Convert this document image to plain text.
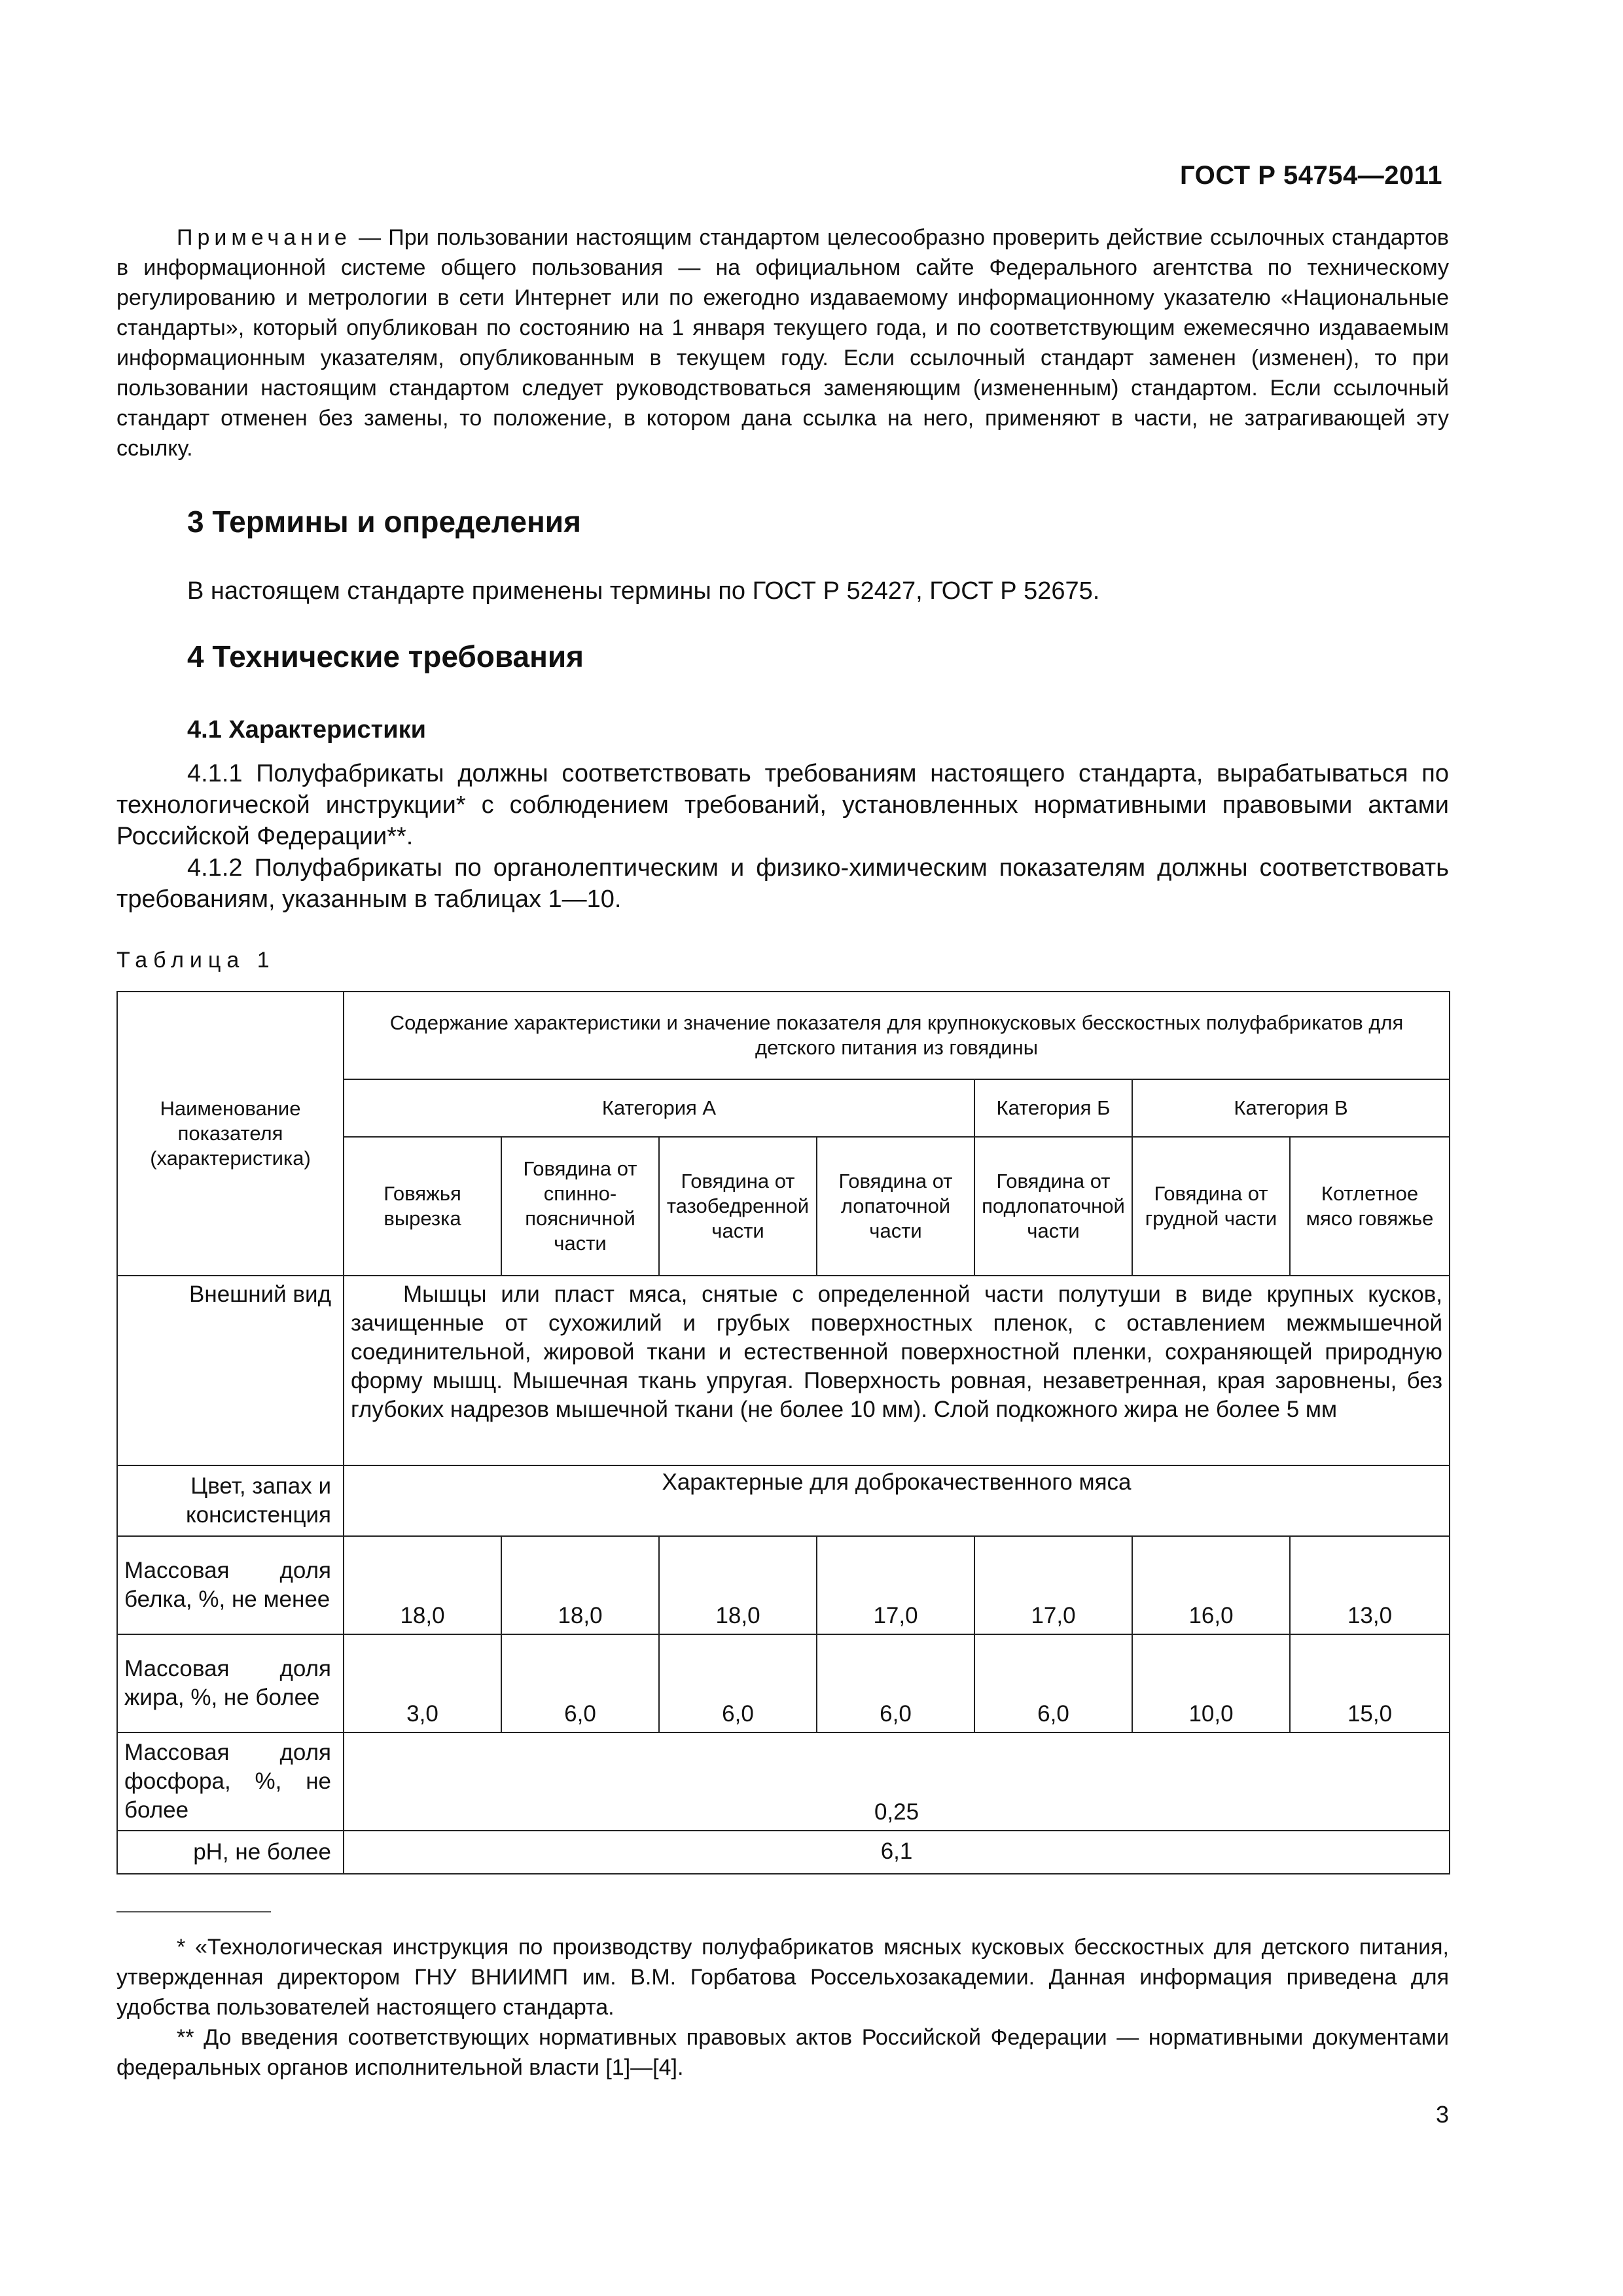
ГОСТ Р 54754—2011
Примечание — При пользовании настоящим стандартом целесообразно проверить действие ссылочных стандартов в информационной системе общего пользования — на официальном сайте Федерального агентства по техническому регулированию и метрологии в сети Интернет или по ежегодно издаваемому информационному указателю «Национальные стандарты», который опубликован по состоянию на 1 января текущего года, и по соответствующим ежемесячно издаваемым информационным указателям, опубликованным в текущем году. Если ссылочный стандарт заменен (изменен), то при пользовании настоящим стандартом следует руководствоваться заменяющим (измененным) стандартом. Если ссылочный стандарт отменен без замены, то положение, в котором дана ссылка на него, применяют в части, не затрагивающей эту ссылку.
3 Термины и определения
В настоящем стандарте применены термины по ГОСТ Р 52427, ГОСТ Р 52675.
4 Технические требования
4.1 Характеристики

4.1.1 Полуфабрикаты должны соответствовать требованиям настоящего стандарта, вырабатываться по технологической инструкции* с соблюдением требований, установленных нормативными правовыми актами Российской Федерации**.

4.1.2 Полуфабрикаты по органолептическим и физико-химическим показателям должны соответствовать требованиям, указанным в таблицах 1—10.

Таблица 1
Наименование показателя (характеристика)	Содержание характеристики и значение показателя для крупнокусковых бесскостных полуфабрикатов для детского питания из говядины						
	Категория А				Категория Б	Категория В	
	Говяжья вырезка	Говядина от спинно-поясничной части	Говядина от тазобедренной части	Говядина от лопаточной части	Говядина от подлопаточной части	Говядина от грудной части	Котлетное мясо говяжье
Внешний вид	Мышцы или пласт мяса, снятые с определенной части полутуши в виде крупных кусков, зачищенные от сухожилий и грубых поверхностных пленок, с оставлением межмышечной соединительной, жировой ткани и естественной поверхностной пленки, сохраняющей природную форму мышц. Мышечная ткань упругая. Поверхность ровная, незаветренная, края заровнены, без глубоких надрезов мышечной ткани (не более 10 мм). Слой подкожного жира не более 5 мм						

Цвет, запах и консистенция	Характерные для доброкачественного мяса						
Массовая доля белка, %, не менее	18,0	18,0	18,0	17,0	17,0	16,0	13,0
Массовая доля жира, %, не более	3,0	6,0	6,0	6,0	6,0	10,0	15,0
Массовая доля фосфора, %, не более	0,25						
pH, не более	6,1						

* «Технологическая инструкция по производству полуфабрикатов мясных кусковых бесскостных для детского питания, утвержденная директором ГНУ ВНИИМП им. В.М. Горбатова Россельхозакадемии. Данная информация приведена для удобства пользователей настоящего стандарта.

** До введения соответствующих нормативных правовых актов Российской Федерации — нормативными документами федеральных органов исполнительной власти [1]—[4].

3
